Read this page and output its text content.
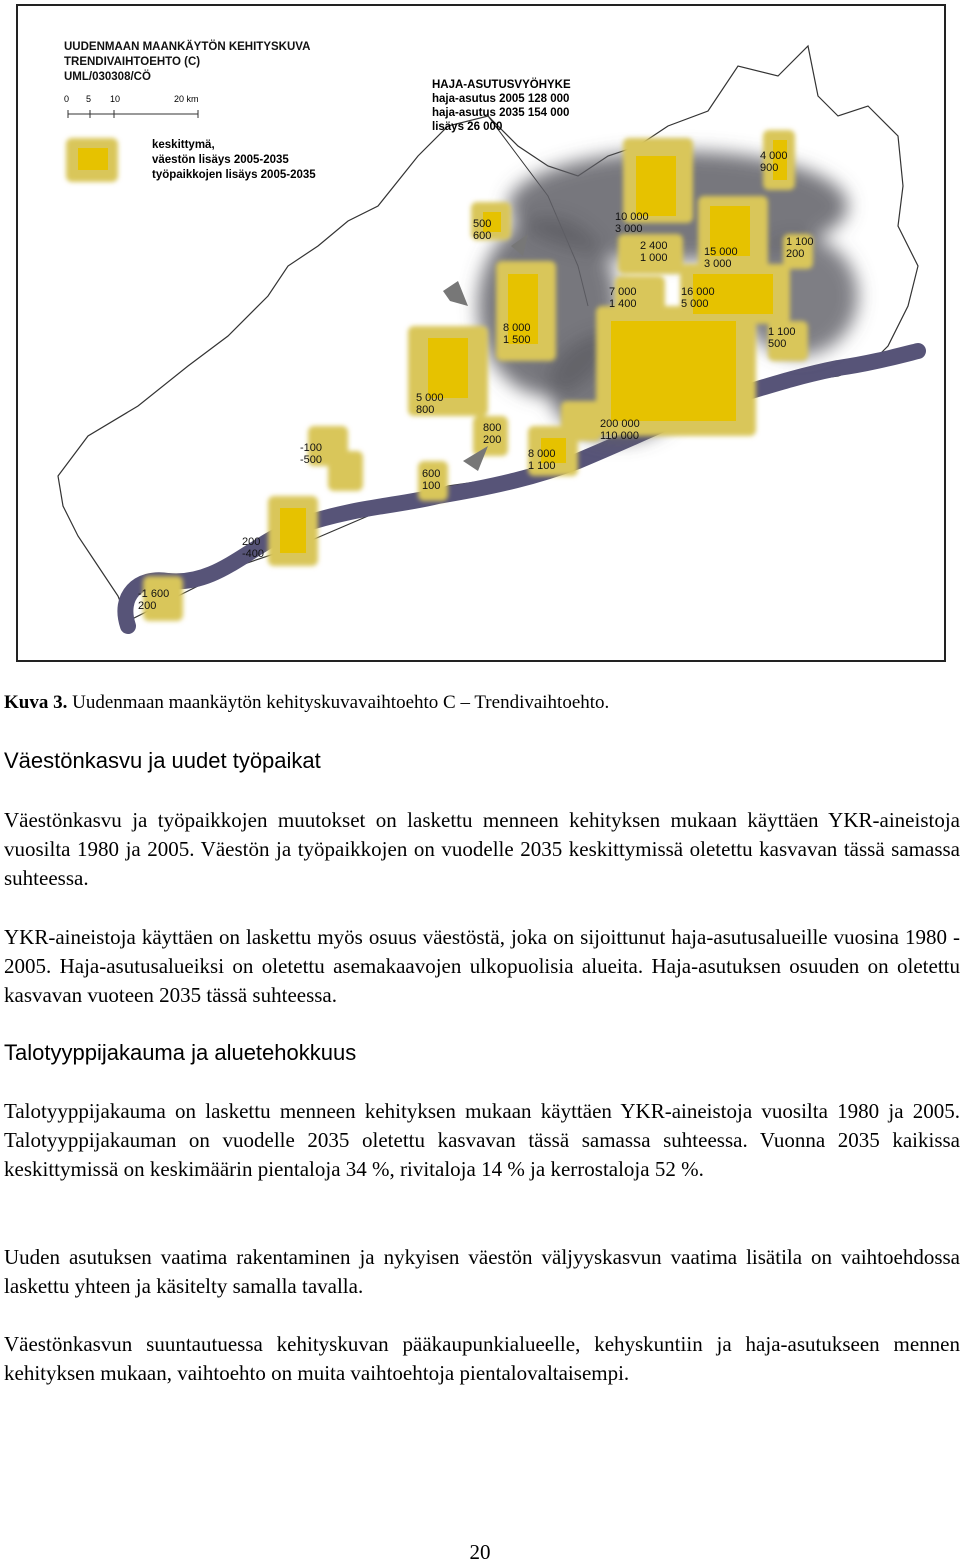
UUDENMAAN MAANKÄYTÖN KEHITYSKUVA
TRENDIVAIHTOEHTO (C)
UML/030308/CÖ
0 5 10	20 km
keskittymä,
väestön lisäys 2005-2035
työpaikkojen lisäys 2005-2035
HAJA-ASUTUSVYÖHYKE
haja-asutus 2005 128 000
haja-asutus 2035 154 000
lisäys 26 000
4 000
900
500
600
10 000
3 000
2 400
1 000	15 000
3 000
1 100
200
7 000
1 400
16 000
5 000
8 000
1 500
1 100
500
5 000
800
800
200
200 000
110 000
-100
-500	8 000
1 100
600
100
200
-400
-1 600
200
Kuva 3. Uudenmaan maankäytön kehityskuvavaihtoehto C – Trendivaihtoehto.
Väestönkasvu ja uudet työpaikat

Väestönkasvu ja työpaikkojen muutokset on laskettu menneen kehityksen mukaan käyttäen YKR-aineistoja vuosilta 1980 ja 2005. Väestön ja työpaikkojen on vuodelle 2035 keskittymissä oletettu kasvavan tässä samassa suhteessa.

YKR-aineistoja käyttäen on laskettu myös osuus väestöstä, joka on sijoittunut haja-asutusalueille vuosina 1980 - 2005. Haja-asutusalueiksi on oletettu asemakaavojen ulkopuolisia alueita. Haja-asutuksen osuuden on oletettu kasvavan vuoteen 2035 tässä suhteessa.

Talotyyppijakauma ja aluetehokkuus

Talotyyppijakauma on laskettu menneen kehityksen mukaan käyttäen YKR-aineistoja vuosilta 1980 ja 2005. Talotyyppijakauman on vuodelle 2035 oletettu kasvavan tässä samassa suhteessa. Vuonna 2035 kaikissa keskittymissä on keskimäärin pientaloja 34 %, rivitaloja 14 % ja kerrostaloja 52 %.

Uuden asutuksen vaatima rakentaminen ja nykyisen väestön väljyyskasvun vaatima lisätila on vaihtoehdossa laskettu yhteen ja käsitelty samalla tavalla.

Väestönkasvun suuntautuessa kehityskuvan pääkaupunkialueelle, kehyskuntiin ja haja-asutukseen mennen kehityksen mukaan, vaihtoehto on muita vaihtoehtoja pientalovaltaisempi.

20
